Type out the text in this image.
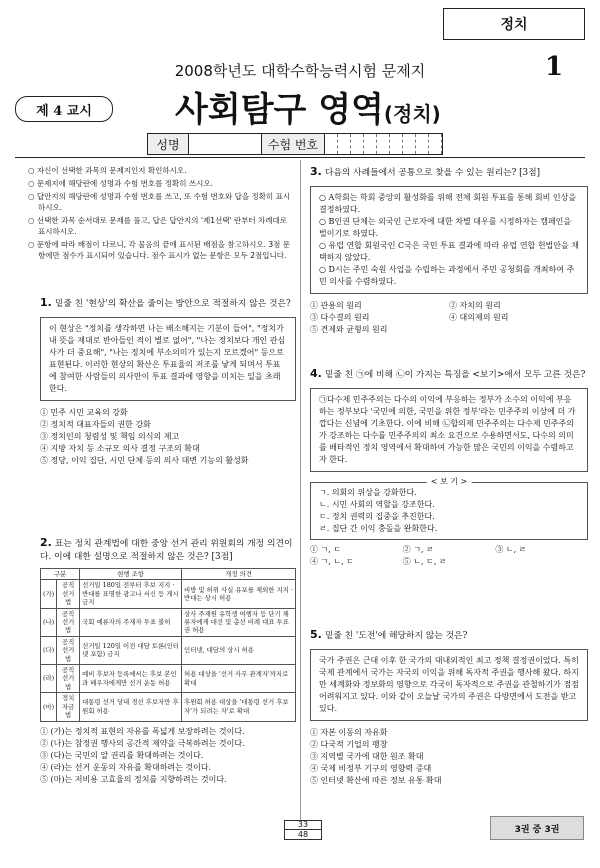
정치
2008학년도 대학수학능력시험 문제지	1
제 4 교시	사회탐구 영역(정치)
성명	수험 번호
○ 자신이 선택한 과목의 문제지인지 확인하시오.
○ 문제지에 해당란에 성명과 수험 번호를 정확히 쓰시오.
○ 답안지의 해당란에 성명과 수험 번호를 쓰고, 또 수험 번호와 답을 정확히 표시하시오.
○ 선택한 과목 순서대로 문제를 풀고, 답은 답안지의 '제1선택' 란부터 차례대로 표시하시오.
○ 문항에 따라 배점이 다르니, 각 물음의 끝에 표시된 배점을 참고하시오. 3점 문항에만 점수가 표시되어 있습니다. 점수 표시가 없는 문항은 모두 2점입니다.
1. 밑줄 친 '현상'의 확산을 줄이는 방안으로 적절하지 않은 것은?
이 현상은 "정치를 생각하면 나는 배소해지는 기분이 들어", "정치가 내 뜻을 제대로 반아들인 적이 별로 없어", "나는 정치보다 개인 관심사가 더 중요해", "나는 정치에 부소의미가 있는지 모르겠어" 등으로 표현된다. 이러한 현상의 확산은 투표율의 저조를 낳게 되며서 투표에 참여한 사람들의 의사만이 투표 결과에 영향을 미치는 일을 초래한다.
① 민주 시민 교육의 강화
② 정치적 대표자들의 권한 강화
③ 정치인의 청렴성 및 책임 의식의 제고
④ 지방 자치 등 소규모 의사 결정 구조의 확대
⑤ 정당, 이익 집단, 시민 단체 등의 의사 대변 기능의 활성화
2. 표는 정치 관계법에 대한 중앙 선거 관리 위원회의 개정 의견이다. 이에 대한 설명으로 적절하지 않은 것은? [3점]
구분		현행 조항	개정 의견
(가)	공직 선거법	선거일 180일 전부터 후보 지지 · 반대를 표명한 광고나 서신 등 게시 금지	비방 및 허위 사실 유포를 제외한 지지 · 반대는 상시 허용
(나)	공직 선거법	국회 예류자의 주재자 투표 불허	상사 주재원 유학생 여행자 등 단기 체류자에게 대선 및 총선 비례 대표 투표권 허용
(다)	공직 선거법	선거일 120일 이전 대담 토론(인터넷 포함) 금지	인터넷, 대담의 상시 허용
(라)	공직 선거법	예비 후보자 등록에서는 후보 본인과 배우자에게만 선거 운동 허용	허용 대상을 '선거 사무 관계자'까지로 확대
(마)	정치 자금법	대통령 선거 당내 경선 후보자만 후원회 허용	후원회 허용 대상을 '대통령 선거 후보자'가 되려는 자'로 확대
① (가)는 정치적 표현의 자유를 폭넓게 보장하려는 것이다.
② (나)는 참정권 행사의 공간적 제약을 극복하려는 것이다.
③ (다)는 국민의 알 권리를 확대하려는 것이다.
④ (라)는 선거 운동의 자유를 확대하려는 것이다.
⑤ (마)는 저비용 고효율의 정치를 지향하려는 것이다.
3. 다음의 사례들에서 공통으로 찾을 수 있는 원리는? [3점]
○ A학회는 학회 중앙의 활성화를 위해 전체 회원 투표를 통해 회비 인상을 결정하였다.
○ B인권 단체는 외국인 근로자에 대한 차별 대우를 시정하자는 캠페인을 벌이기로 하였다.
○ 유럽 연합 회원국인 C국은 국민 투표 결과에 따라 유럽 연합 헌법안을 채택하지 않았다.
○ D시는 주민 숙원 사업을 수립하는 과정에서 주민 공청회를 개최하여 주민 의사를 수렴하였다.
① 관용의 원리	② 자치의 원리
③ 다수결의 원리	④ 대의제의 원리
⑤ 견제와 균형의 원리
4. 밑줄 친 ㉠에 비해 ㉡이 가지는 특징을 <보기>에서 모두 고른 것은?
㉠다수제 민주주의는 다수의 이익에 부응하는 정부가 소수의 이익에 부응하는 정부보다 '국민에 의한, 국민을 위한 정부'라는 민주주의 이상에 더 가깝다는 신념에 기초한다. 이에 비해 ㉡합의제 민주주의는 다수제 민주주의가 강조하는 다수를 민주주의의 최소 요건으로 수용하면서도, 다수의 의미를 배타적인 정치 영역에서 확대하여 가능한 많은 국민의 이익을 수렴하고자 한다.
< 보 기 >
ㄱ. 의회의 위상을 강화한다.
ㄴ. 시민 사회의 역할을 강조한다.
ㄷ. 정치 권력의 집중을 추진한다.
ㄹ. 집단 간 이익 충돌을 완화한다.
① ㄱ, ㄷ	② ㄱ, ㄹ	③ ㄴ, ㄹ
④ ㄱ, ㄴ, ㄷ	⑤ ㄴ, ㄷ, ㄹ
5. 밑줄 친 '도전'에 해당하지 않는 것은?
국가 주권은 근대 이후 한 국가의 대내외적인 최고 정책 결정권이었다. 특히 국제 관계에서 국가는 자국의 이익을 위해 독자적 주권을 행사해 왔다. 하지만 세계화와 정보화의 영향으로 각국이 독자적으로 주권을 관철하기가 점점 어려워지고 있다. 이와 같이 오늘날 국가의 주권은 다방면에서 도전을 받고 있다.
① 자본 이동의 자유화
② 다국적 기업의 팽창
③ 지역별 국가에 대한 원조 확대
④ 국제 비정부 기구의 영향력 증대
⑤ 인터넷 확산에 따른 정보 유통 확대
33
48	3권 중 3권
